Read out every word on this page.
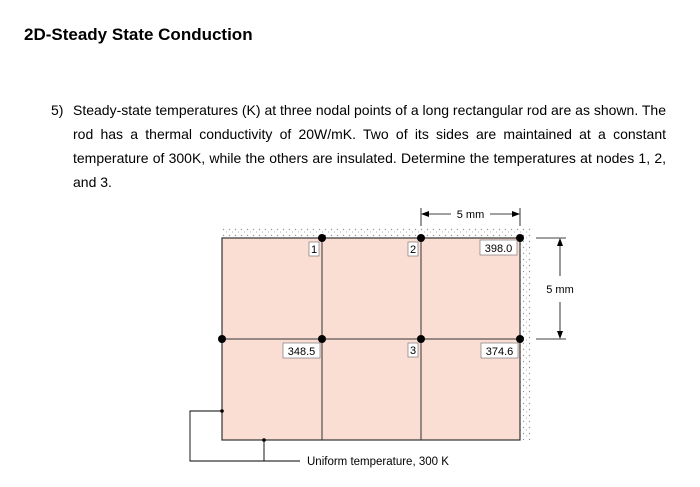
2D-Steady State Conduction
5) Steady-state temperatures (K) at three nodal points of a long rectangular rod are as shown. The rod has a thermal conductivity of 20W/mK. Two of its sides are maintained at a constant temperature of 300K, while the others are insulated. Determine the temperatures at nodes 1, 2, and 3.
1	2
3
398.0
348.5	374.6
5 mm
5 mm
Uniform temperature, 300 K
